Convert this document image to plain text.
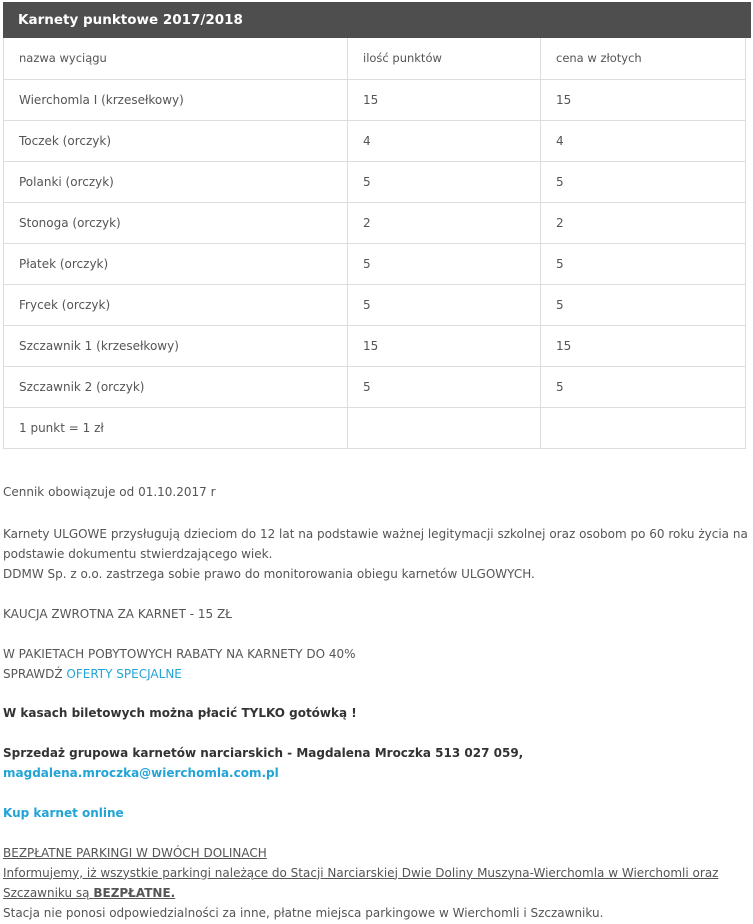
Karnety punktowe 2017/2018
nazwa wyciągu	ilość punktów	cena w złotych
Wierchomla I (krzesełkowy)	15	15
Toczek (orczyk)	4	4
Polanki (orczyk)	5	5
Stonoga (orczyk)	2	2
Płatek (orczyk)	5	5
Frycek (orczyk)	5	5
Szczawnik 1 (krzesełkowy)	15	15
Szczawnik 2 (orczyk)	5	5
1 punkt = 1 zł		

Cennik obowiązuje od 01.10.2017 r

Karnety ULGOWE przysługują dzieciom do 12 lat na podstawie ważnej legitymacji szkolnej oraz osobom po 60 roku życia na podstawie dokumentu stwierdzającego wiek.

DDMW Sp. z o.o. zastrzega sobie prawo do monitorowania obiegu karnetów ULGOWYCH.

KAUCJA ZWROTNA ZA KARNET - 15 ZŁ

W PAKIETACH POBYTOWYCH RABATY NA KARNETY DO 40%

SPRAWDŹ OFERTY SPECJALNE

W kasach biletowych można płacić TYLKO gotówką !

Sprzedaż grupowa karnetów narciarskich - Magdalena Mroczka 513 027 059, magdalena.mroczka@wierchomla.com.pl

Kup karnet online

BEZPŁATNE PARKINGI W DWÓCH DOLINACH

Informujemy, iż wszystkie parkingi należące do Stacji Narciarskiej Dwie Doliny Muszyna-Wierchomla w Wierchomli oraz Szczawniku są BEZPŁATNE.

Stacja nie ponosi odpowiedzialności za inne, płatne miejsca parkingowe w Wierchomli i Szczawniku.
